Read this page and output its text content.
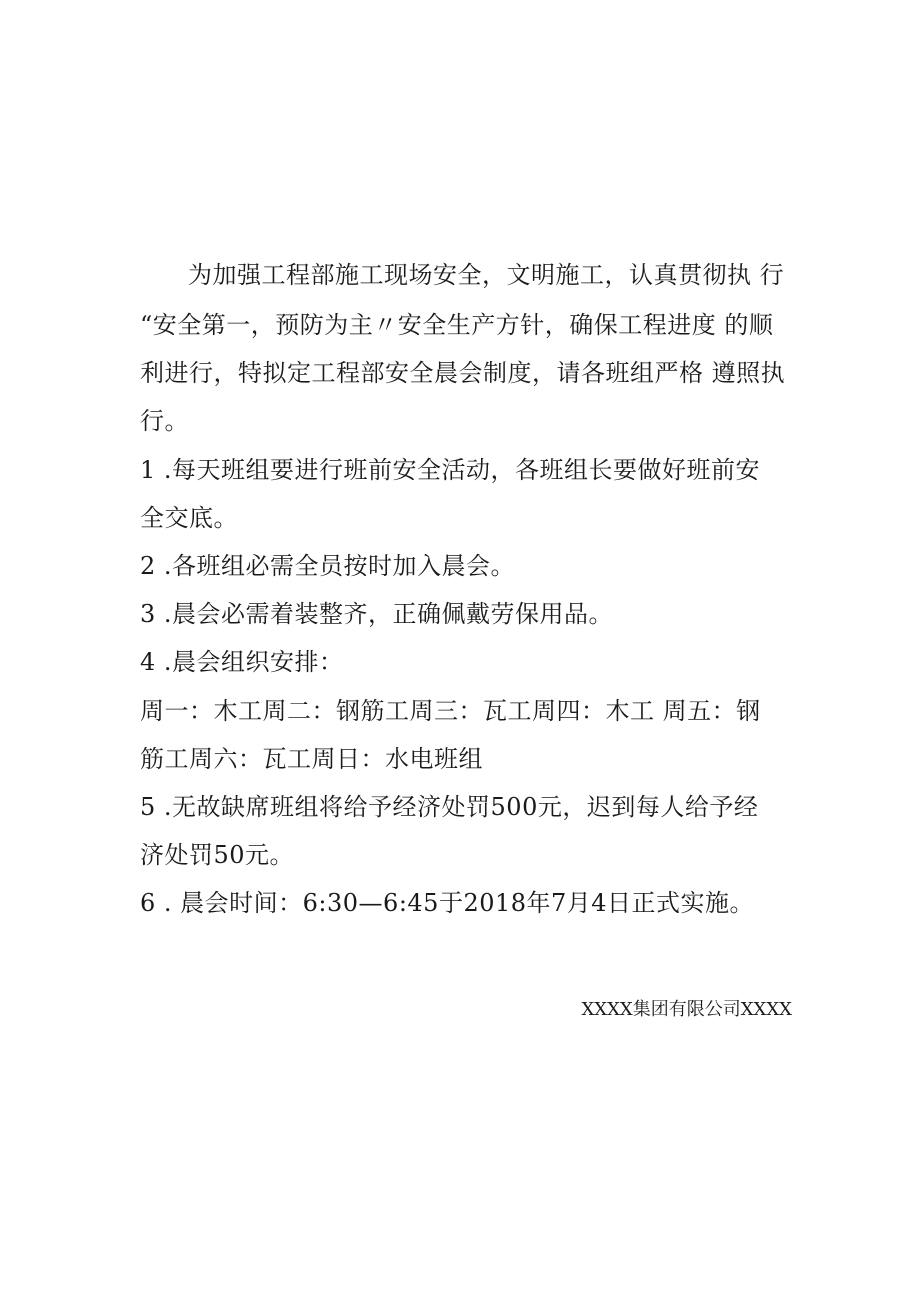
为加强工程部施工现场安全，文明施工，认真贯彻执 行
“安全第一，预防为主〃安全生产方针，确保工程进度 的顺
利进行，特拟定工程部安全晨会制度，请各班组严格 遵照执
行。
1 .每天班组要进行班前安全活动，各班组长要做好班前安
全交底。
2 .各班组必需全员按时加入晨会。
3 .晨会必需着装整齐，正确佩戴劳保用品。
4 .晨会组织安排：
周一：木工周二：钢筋工周三：瓦工周四：木工 周五：钢
筋工周六：瓦工周日：水电班组
5 .无故缺席班组将给予经济处罚500元，迟到每人给予经
济处罚50元。
6 . 晨会时间：6:30—6:45于2018年7月4日正式实施。
XXXX集团有限公司XXXX
